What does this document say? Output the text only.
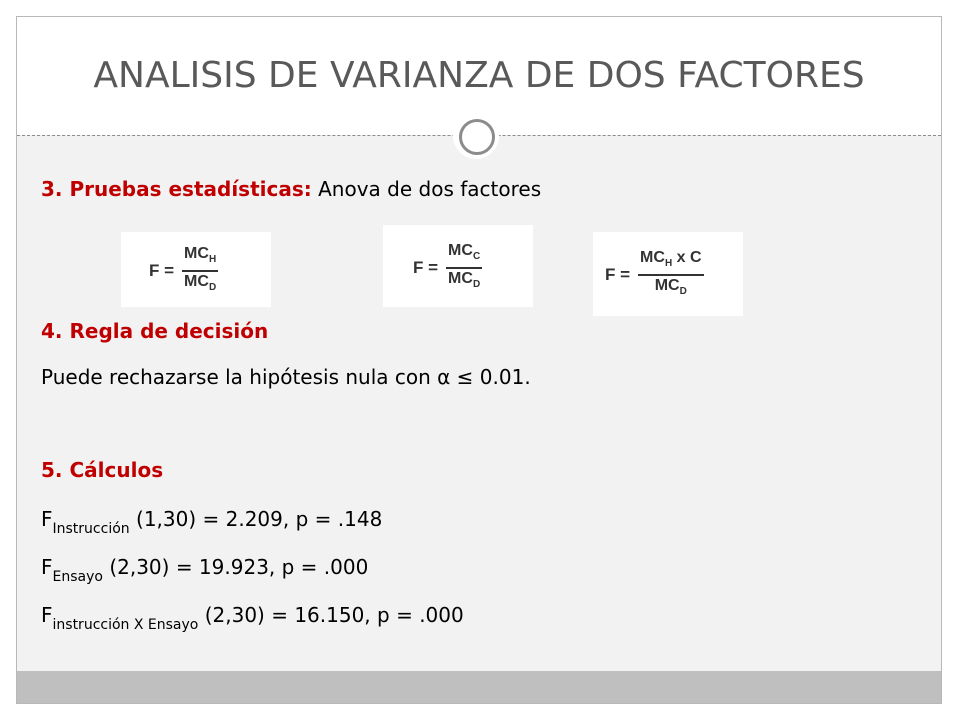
ANALISIS DE VARIANZA DE DOS FACTORES
3. Pruebas estadísticas: Anova de dos factores
$F = \frac{MC_H}{MC_D}$	$F = \frac{MC_C}{MC_D}$	$F = \frac{MC_H x C}{MC_D}$
4. Regla de decisión
Puede rechazarse la hipótesis nula con α ≤ 0.01.
5. Cálculos
$F_{Instrucción}$ (1,30) = 2.209, p = .148
$F_{Ensayo}$ (2,30) = 19.923, p = .000
$F_{instrucción X Ensayo}$ (2,30) = 16.150, p = .000
